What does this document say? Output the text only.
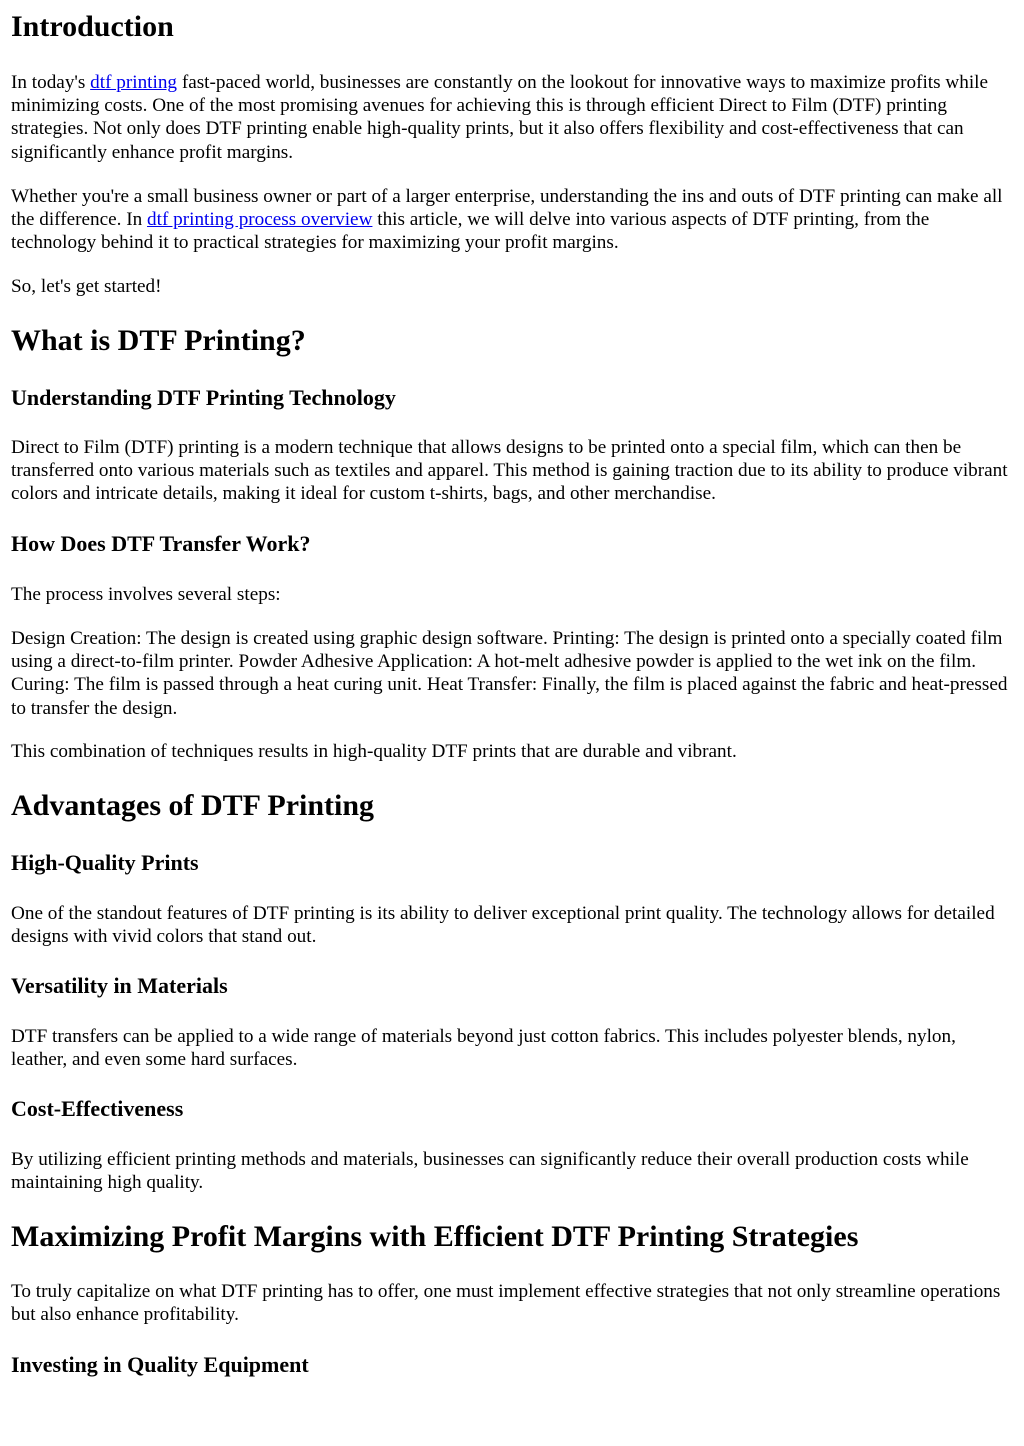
Introduction

In today's dtf printing fast-paced world, businesses are constantly on the lookout for innovative ways to maximize profits while minimizing costs. One of the most promising avenues for achieving this is through efficient Direct to Film (DTF) printing strategies. Not only does DTF printing enable high-quality prints, but it also offers flexibility and cost-effectiveness that can significantly enhance profit margins.

Whether you're a small business owner or part of a larger enterprise, understanding the ins and outs of DTF printing can make all the difference. In dtf printing process overview this article, we will delve into various aspects of DTF printing, from the technology behind it to practical strategies for maximizing your profit margins.

So, let's get started!

What is DTF Printing?
Understanding DTF Printing Technology

Direct to Film (DTF) printing is a modern technique that allows designs to be printed onto a special film, which can then be transferred onto various materials such as textiles and apparel. This method is gaining traction due to its ability to produce vibrant colors and intricate details, making it ideal for custom t-shirts, bags, and other merchandise.

How Does DTF Transfer Work?

The process involves several steps:

Design Creation: The design is created using graphic design software. Printing: The design is printed onto a specially coated film using a direct-to-film printer. Powder Adhesive Application: A hot-melt adhesive powder is applied to the wet ink on the film. Curing: The film is passed through a heat curing unit. Heat Transfer: Finally, the film is placed against the fabric and heat-pressed to transfer the design.

This combination of techniques results in high-quality DTF prints that are durable and vibrant.

Advantages of DTF Printing
High-Quality Prints

One of the standout features of DTF printing is its ability to deliver exceptional print quality. The technology allows for detailed designs with vivid colors that stand out.

Versatility in Materials

DTF transfers can be applied to a wide range of materials beyond just cotton fabrics. This includes polyester blends, nylon, leather, and even some hard surfaces.

Cost-Effectiveness

By utilizing efficient printing methods and materials, businesses can significantly reduce their overall production costs while maintaining high quality.

Maximizing Profit Margins with Efficient DTF Printing Strategies

To truly capitalize on what DTF printing has to offer, one must implement effective strategies that not only streamline operations but also enhance profitability.

Investing in Quality Equipment
